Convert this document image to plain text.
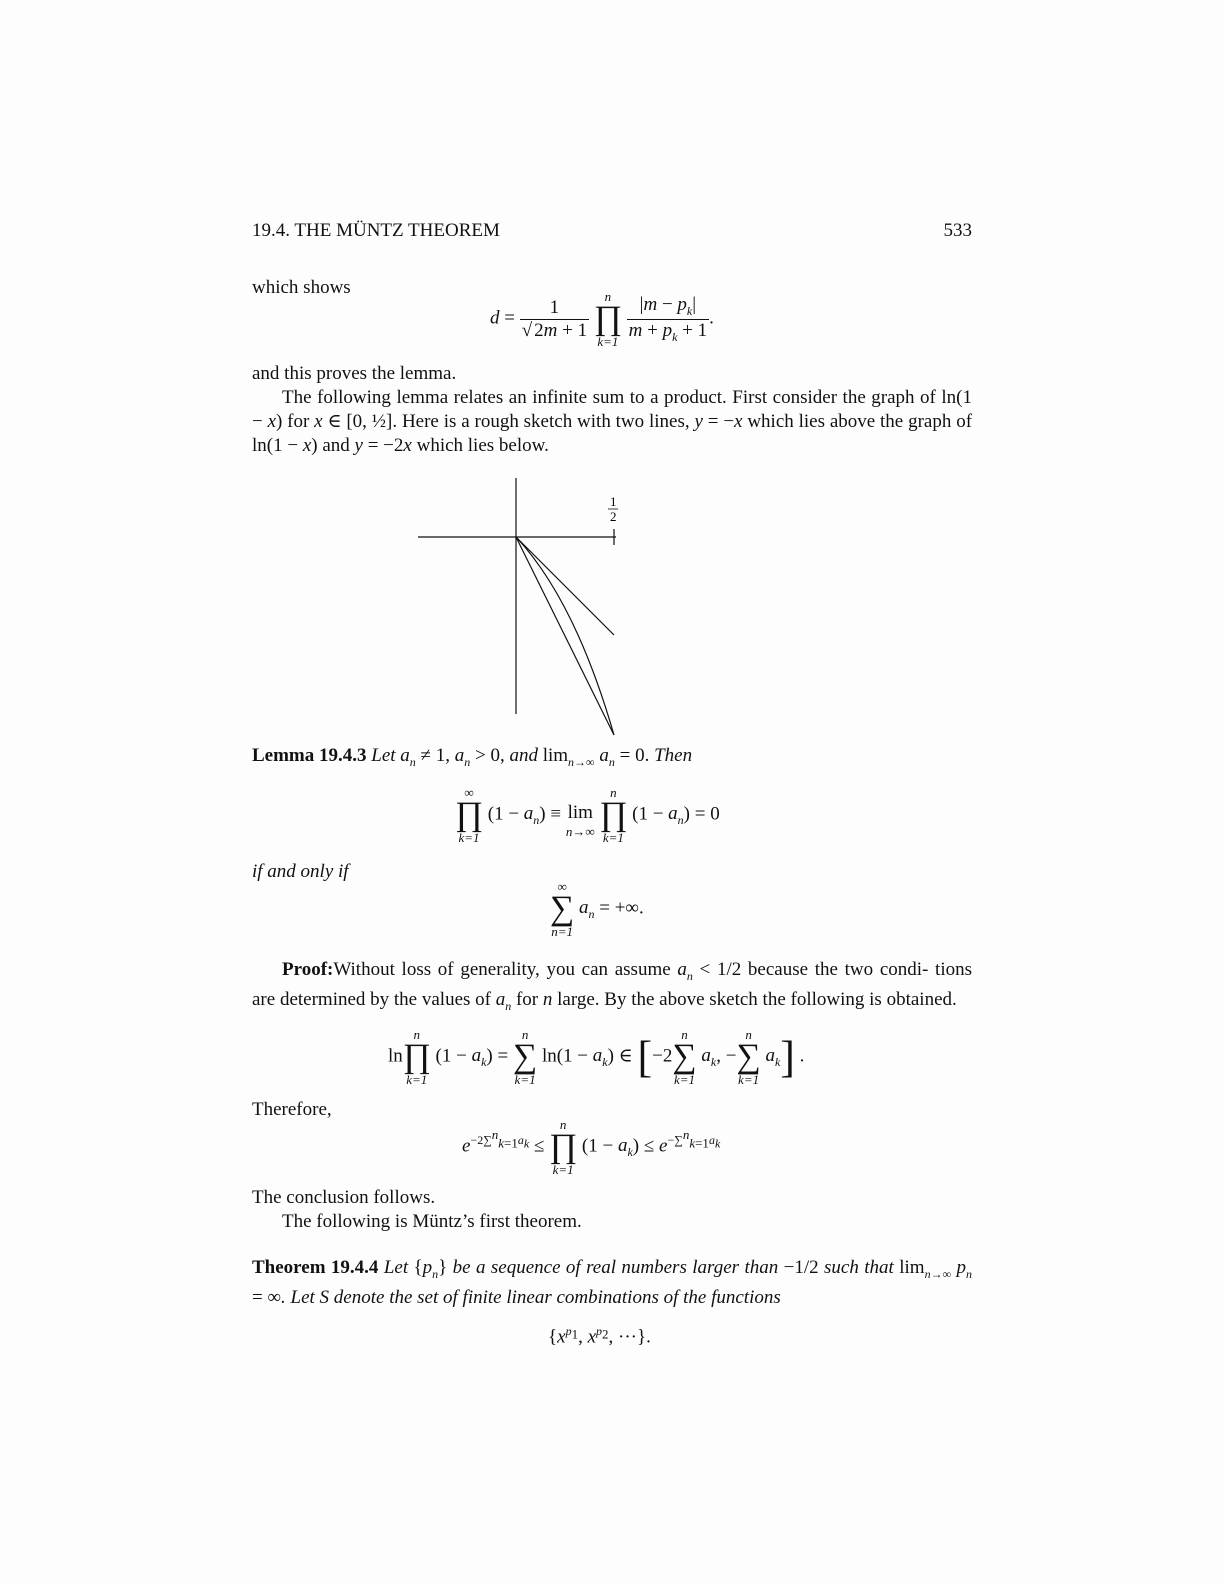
19.4. THE MÜNTZ THEOREM	533
which shows
$d = \frac{1}{√ 2m + 1}$
	n
∏
k=1
$\frac{|m - p_k|}{m + p_k + 1}$ .
and this proves the lemma.
The following lemma relates an infinite sum to a product. First consider the graph of ln(1 − x) for x ∈ [0, ½]. Here is a rough sketch with two lines, y = −x which lies above the graph of ln(1 − x) and y = −2x which lies below.
1
2
Lemma 19.4.3 Let $a_n \ne 1$, $a_n > 0$, and $\lim_{n\to\infty} a_n = 0$. Then
∞
∏
k=1
$(1 - a_n) \equiv \lim$
n→∞

n
∏
k=1
$(1 - a_n) = 0$
if and only if
∞
∑
n=1
$a_n$ = +∞.
Proof:Without loss of generality, you can assume $a_n < 1/2$ because the two condi- tions are determined by the values of $a_n$ for n large. By the above sketch the following is obtained.
ln
n
∏
k=1
$(1 - a_k)$ =
n
∑
k=1
$\ln(1 - a_k)$ ∈ [−2
n
∑
k=1
$a_k$, −
n
∑
k=1
$a_k$] .
Therefore,
$e^{-2\sum^n_{k=1}a_k}$ ≤
n
∏
k=1
$(1 - a_k) \le e^{-\sum^n_{k=1}a_k}$
The conclusion follows.
The following is Müntz’s first theorem.
Theorem 19.4.4 Let $\{p_n\}$ be a sequence of real numbers larger than −1/2 such that $\lim_{n\to\infty} p_n$ = ∞. Let S denote the set of finite linear combinations of the functions
{$x^{p_1}$, $x^{p_2}$, ···}.
